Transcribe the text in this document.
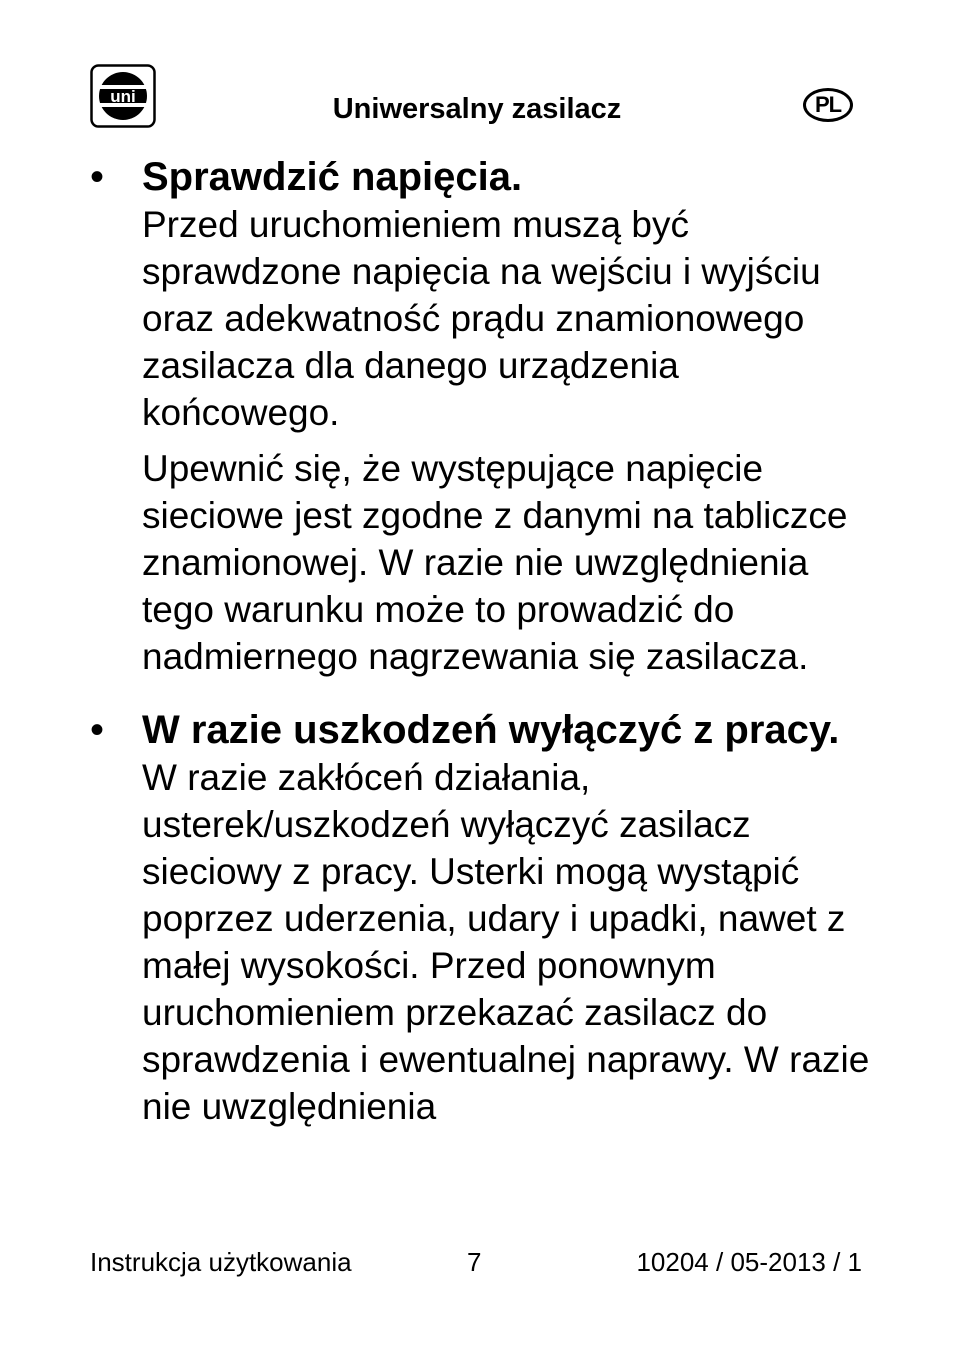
uni	Uniwersalny zasilacz	PL
• Sprawdzić napięcia.

Przed uruchomieniem muszą być sprawdzone napięcia na wejściu i wyjściu oraz adekwatność prądu znamionowego zasilacza dla danego urządzenia końcowego.

Upewnić się, że występujące napięcie sieciowe jest zgodne z danymi na tabliczce znamionowej. W razie nie uwzględnienia tego warunku może to prowadzić do nadmiernego nagrzewania się zasilacza.

• W razie uszkodzeń wyłączyć z pracy.

W razie zakłóceń działania, usterek/uszkodzeń wyłączyć zasilacz sieciowy z pracy. Usterki mogą wystąpić poprzez uderzenia, udary i upadki, nawet z małej wysokości. Przed ponownym uruchomieniem przekazać zasilacz do sprawdzenia i ewentualnej naprawy. W razie nie uwzględnienia

Instrukcja użytkowania	7	10204 / 05-2013 / 1
